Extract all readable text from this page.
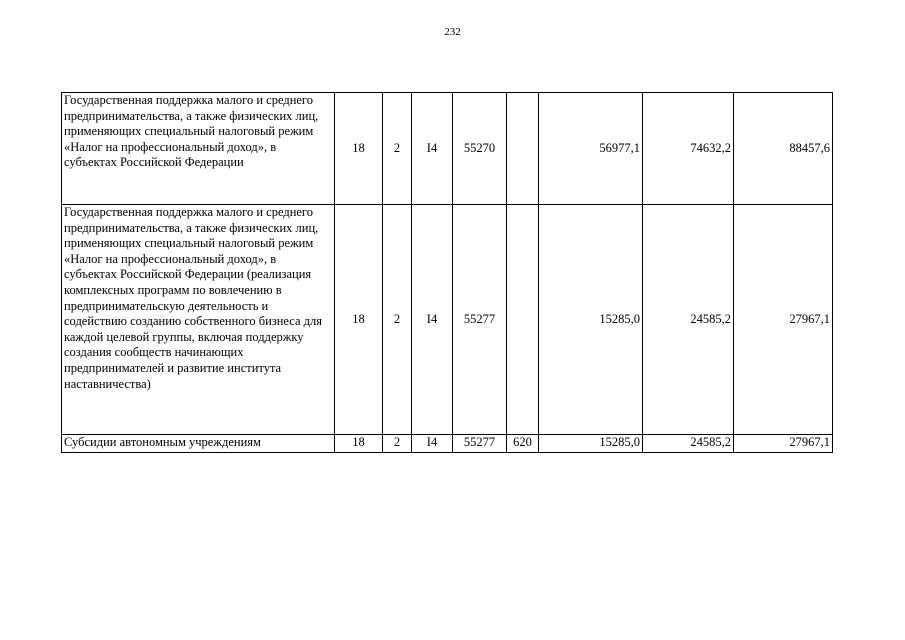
232
Государственная поддержка малого и среднего предпринимательства, а также физических лиц, применяющих специальный налоговый режим «Налог на профессиональный доход», в субъектах Российской Федерации	18	2	I4	55270		56977,1	74632,2	88457,6
Государственная поддержка малого и среднего предпринимательства, а также физических лиц, применяющих специальный налоговый режим «Налог на профессиональный доход», в субъектах Российской Федерации (реализация комплексных программ по вовлечению в предпринимательскую деятельность и содействию созданию собственного бизнеса для каждой целевой группы, включая поддержку создания сообществ начинающих предпринимателей и развитие института наставничества)	18	2	I4	55277		15285,0	24585,2	27967,1
Субсидии автономным учреждениям	18	2	I4	55277	620	15285,0	24585,2	27967,1
